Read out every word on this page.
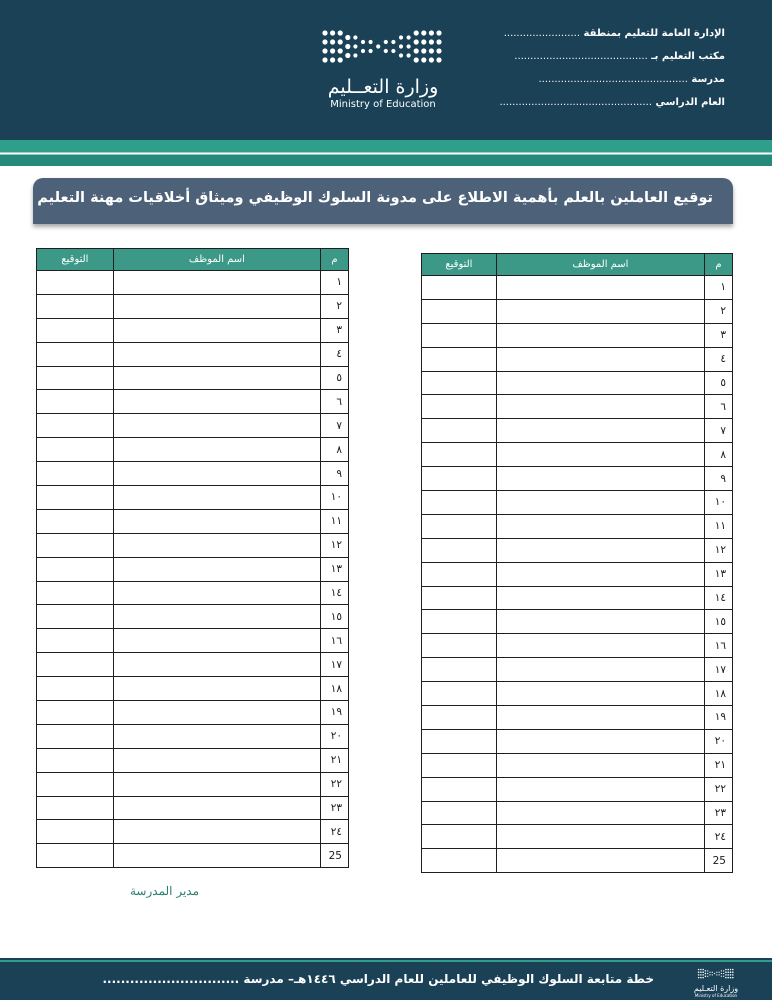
الإدارة العامة للتعليم بمنطقة ........................
مكتب التعليم بـ ..........................................
مدرسة ...............................................
العام الدراسي ................................................
وزارة التعــليم
Ministry of Education
توقيع العاملين بالعلم بأهمية الاطلاع على مدونة السلوك الوظيفي وميثاق أخلاقيات مهنة التعليم
م	اسم الموظف	التوقيع
١		
٢		
٣		
٤		
٥		
٦		
٧		
٨		
٩		
١٠		
١١		
١٢		
١٣		
١٤		
١٥		
١٦		
١٧		
١٨		
١٩		
٢٠		
٢١		
٢٢		
٢٣		
٢٤		
25		
م	اسم الموظف	التوقيع
١		
٢		
٣		
٤		
٥		
٦		
٧		
٨		
٩		
١٠		
١١		
١٢		
١٣		
١٤		
١٥		
١٦		
١٧		
١٨		
١٩		
٢٠		
٢١		
٢٢		
٢٣		
٢٤		
25		
مدير المدرسة
خطة متابعة السلوك الوظيفي للعاملين للعام الدراسي ١٤٤٦هـ– مدرسة ..............................
وزارة التعـليم
Ministry of Education
